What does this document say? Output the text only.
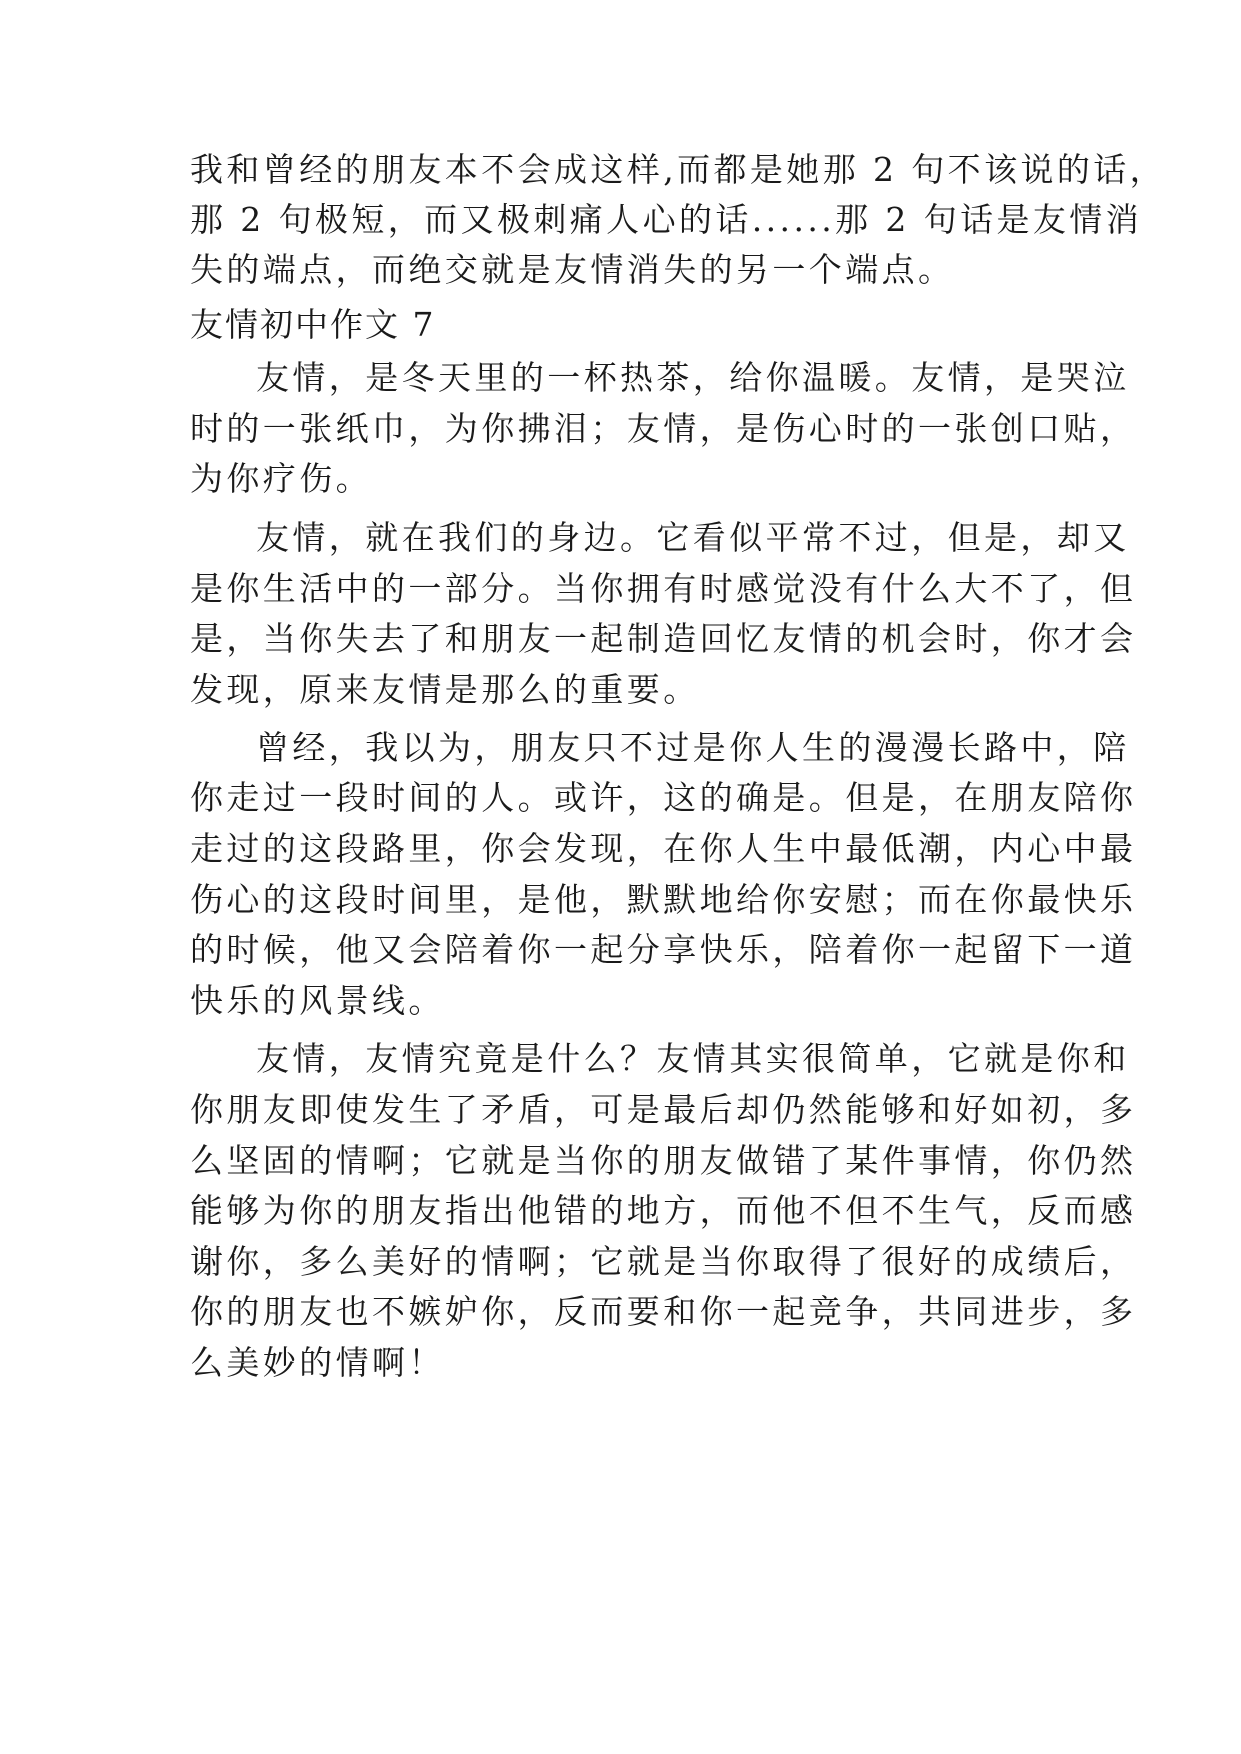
我和曾经的朋友本不会成这样,而都是她那 2 句不该说的话，
那 2 句极短，而又极刺痛人心的话......那 2 句话是友情消
失的端点，而绝交就是友情消失的另一个端点。
友情初中作文 7
友情，是冬天里的一杯热茶，给你温暖。友情，是哭泣
时的一张纸巾，为你拂泪；友情，是伤心时的一张创口贴，
为你疗伤。
友情，就在我们的身边。它看似平常不过，但是，却又
是你生活中的一部分。当你拥有时感觉没有什么大不了，但
是，当你失去了和朋友一起制造回忆友情的机会时，你才会
发现，原来友情是那么的重要。
曾经，我以为，朋友只不过是你人生的漫漫长路中，陪
你走过一段时间的人。或许，这的确是。但是，在朋友陪你
走过的这段路里，你会发现，在你人生中最低潮，内心中最
伤心的这段时间里，是他，默默地给你安慰；而在你最快乐
的时候，他又会陪着你一起分享快乐，陪着你一起留下一道
快乐的风景线。
友情，友情究竟是什么？友情其实很简单，它就是你和
你朋友即使发生了矛盾，可是最后却仍然能够和好如初，多
么坚固的情啊；它就是当你的朋友做错了某件事情，你仍然
能够为你的朋友指出他错的地方，而他不但不生气，反而感
谢你，多么美好的情啊；它就是当你取得了很好的成绩后，
你的朋友也不嫉妒你，反而要和你一起竞争，共同进步，多
么美妙的情啊！
